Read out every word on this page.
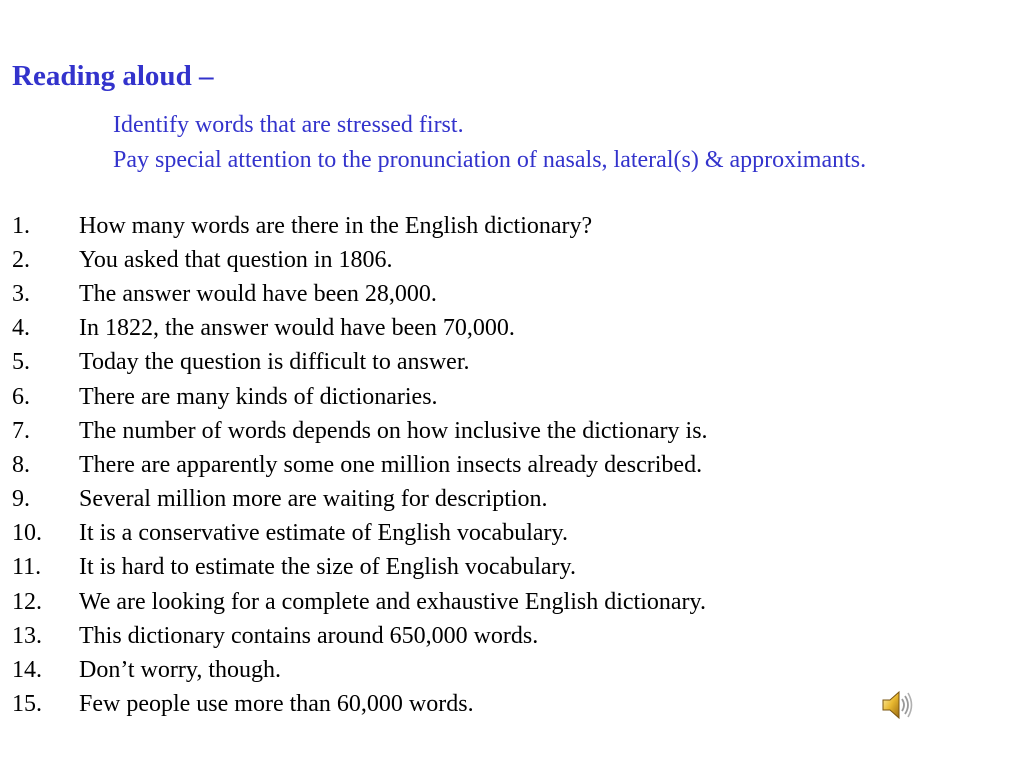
Reading aloud –
Identify words that are stressed first.
Pay special attention to the pronunciation of nasals, lateral(s) & approximants.
1.	How many words are there in the English dictionary?
2.	You asked that question in 1806.
3.	The answer would have been 28,000.
4.	In 1822, the answer would have been 70,000.
5.	Today the question is difficult to answer.
6.	There are many kinds of dictionaries.
7.	The number of words depends on how inclusive the dictionary is.
8.	There are apparently some one million insects already described.
9.	Several million more are waiting for description.
10.	It is a conservative estimate of English vocabulary.
11.	It is hard to estimate the size of English vocabulary.
12.	We are looking for a complete and exhaustive English dictionary.
13.	This dictionary contains around 650,000 words.
14.	Don’t worry, though.
15.	Few people use more than 60,000 words.
